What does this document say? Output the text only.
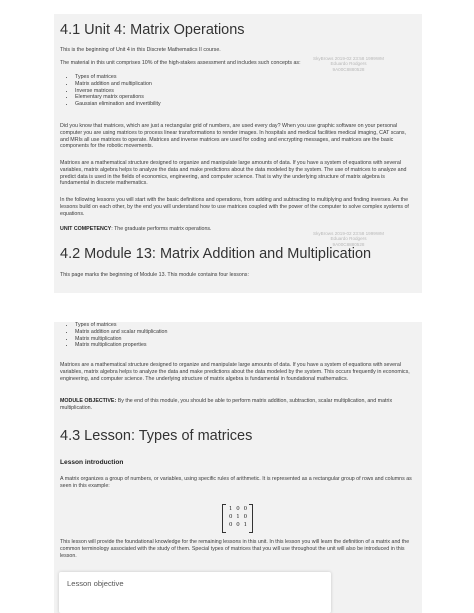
4.1 Unit 4: Matrix Operations

This is the beginning of Unit 4 in this Discrete Mathematics II course.

The material in this unit comprises 10% of the high-stakes assessment and includes such concepts as:

• Types of matrices
• Matrix addition and multiplication
• Inverse matrices
• Elementary matrix operations
• Gaussian elimination and invertibility

Did you know that matrices, which are just a rectangular grid of numbers, are used every day? When you use graphic software on your personal computer you are using matrices to process linear transformations to render images. In hospitals and medical facilities medical imaging, CAT scans, and MRIs all use matrices to operate. Matrices and inverse matrices are used for coding and encrypting messages, and matrices are the basic components for the robotic movements.

Matrices are a mathematical structure designed to organize and manipulate large amounts of data. If you have a system of equations with several variables, matrix algebra helps to analyze the data and make predictions about the data modeled by the system. The use of matrices to analyze and predict data is used in the fields of economics, engineering, and computer science. That is why the underlying structure of matrix algebra is fundamental in discrete mathematics.

In the following lessons you will start with the basic definitions and operations, from adding and subtracting to multiplying and finding inverses. As the lessons build on each other, by the end you will understand how to use matrices coupled with the power of the computer to solve complex systems of equations.

UNIT COMPETENCY: The graduate performs matrix operations.

4.2 Module 13: Matrix Addition and Multiplication

This page marks the beginning of Module 13. This module contains four lessons:

SkyBrows 2019-02 23:58 1999WM
Eduardo Rodgers
9A00C8880528
SkyBrows 2019-02 23:58 1999WM
Eduardo Rodgers
9A00C8880528
• Types of matrices
• Matrix addition and scalar multiplication
• Matrix multiplication
• Matrix multiplication properties

Matrices are a mathematical structure designed to organize and manipulate large amounts of data. If you have a system of equations with several variables, matrix algebra helps to analyze the data and make predictions about the data modeled by the system. This occurs frequently in economics, engineering, and computer science. The underlying structure of matrix algebra is fundamental in foundational mathematics.

MODULE OBJECTIVE: By the end of this module, you should be able to perform matrix addition, subtraction, scalar multiplication, and matrix multiplication.

4.3 Lesson: Types of matrices
Lesson introduction

A matrix organizes a group of numbers, or variables, using specific rules of arithmetic. It is represented as a rectangular group of rows and columns as seen in this example:

1 0 0
0 1 0
0 0 1

This lesson will provide the foundational knowledge for the remaining lessons in this unit. In this lesson you will learn the definition of a matrix and the common terminology associated with the study of them. Special types of matrices that you will use throughout the unit will also be introduced in this lesson.

Lesson objective
